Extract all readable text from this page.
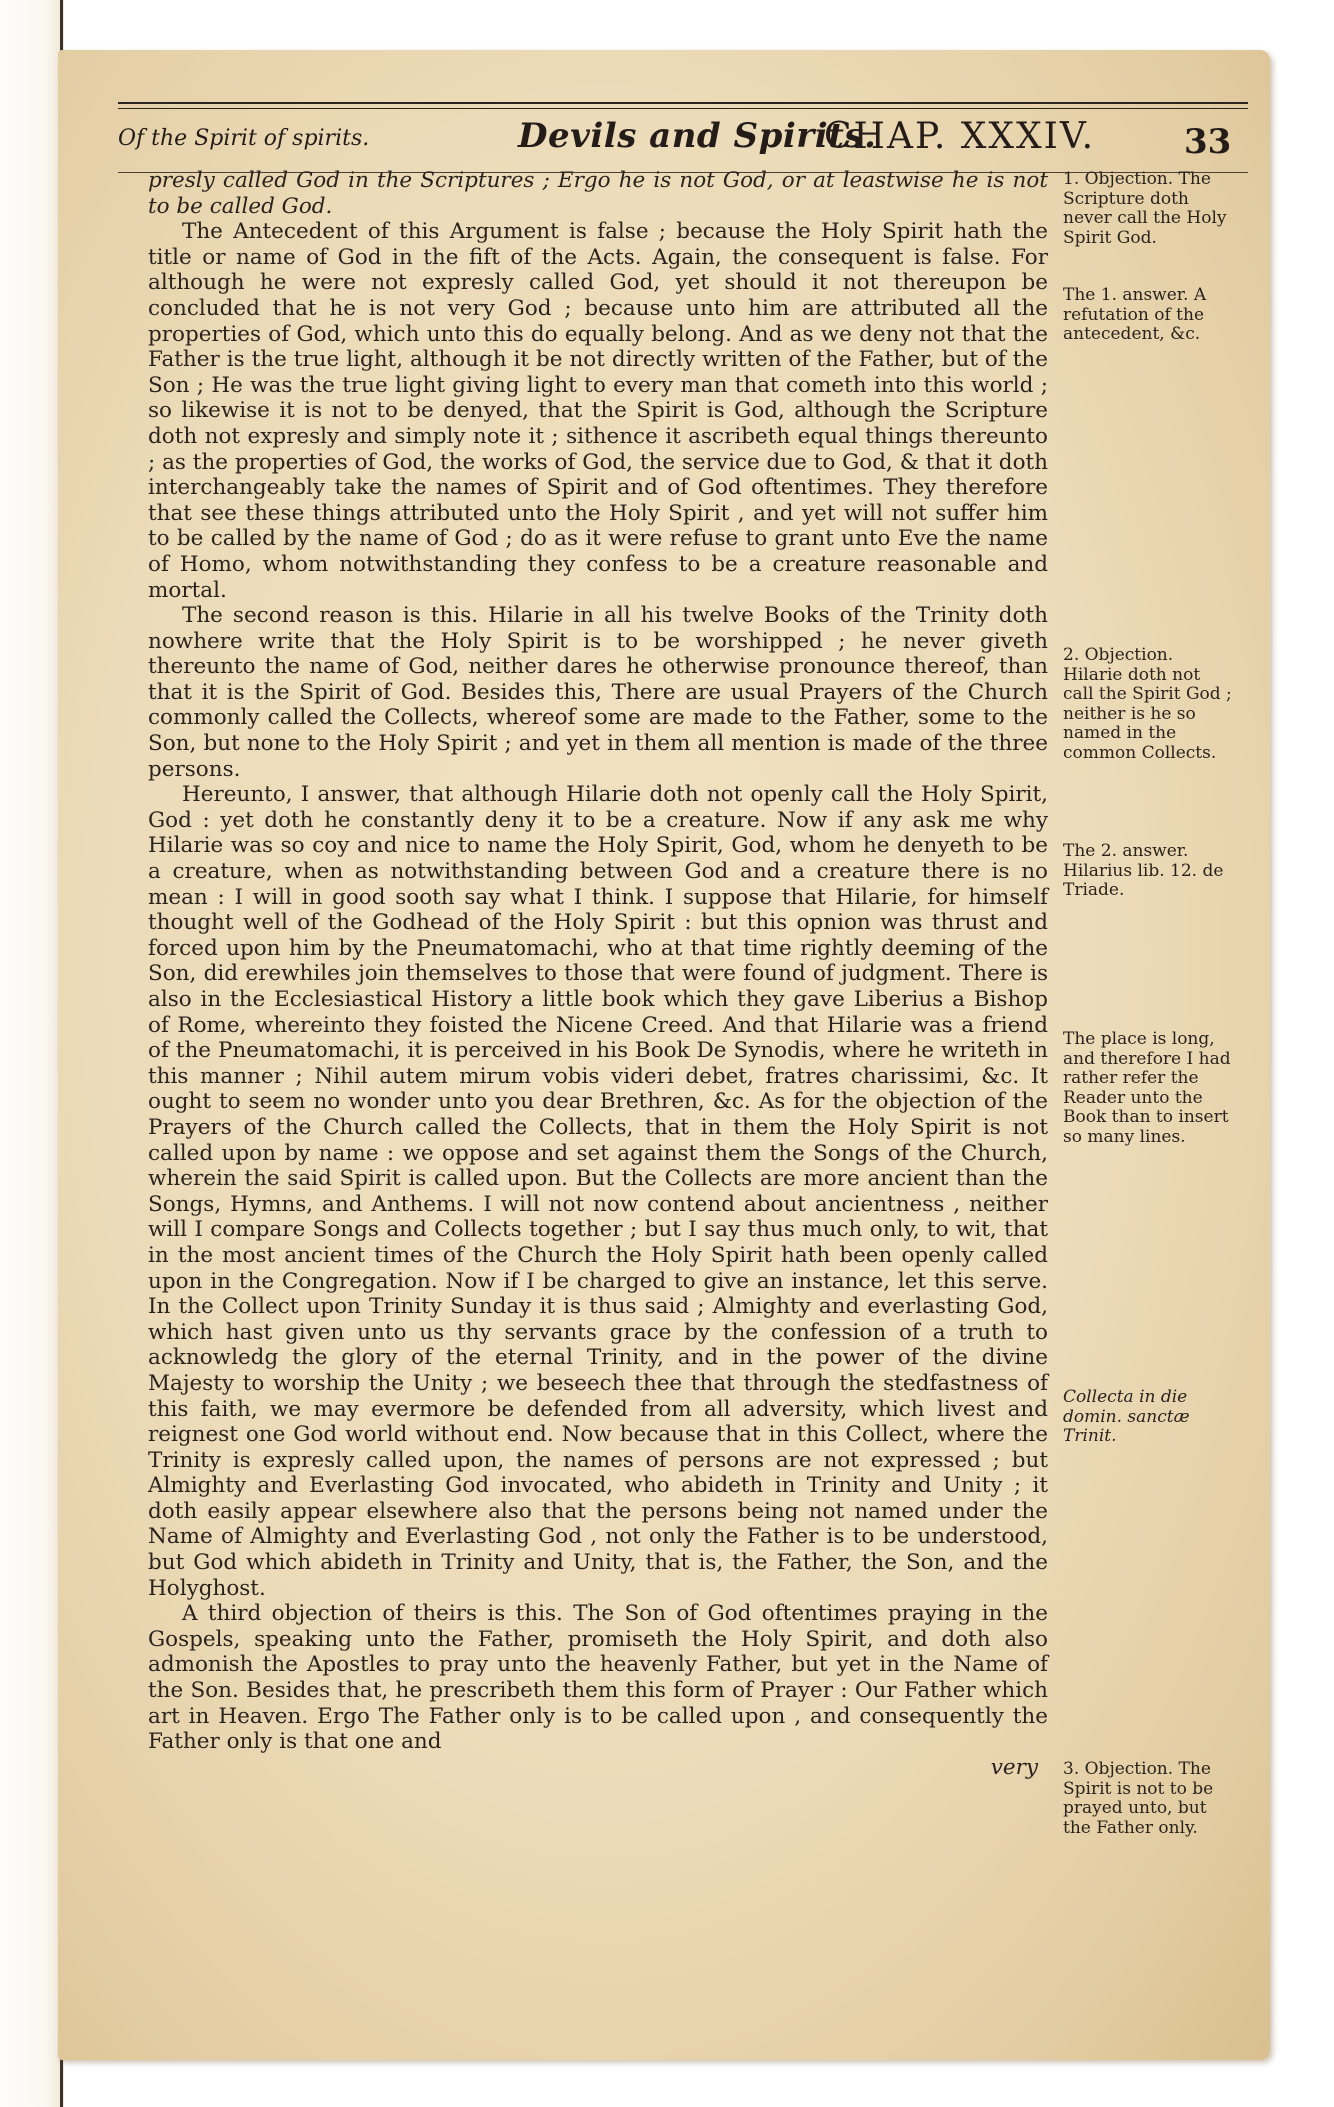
Of the Spirit of spirits.	Devils and Spirits.
CHAP. XXXIV.	33

presly called God in the Scriptures ; Ergo he is not God, or at leastwise he is not to be called God.

The Antecedent of this Argument is false ; because the Holy Spirit hath the title or name of God in the fift of the Acts. Again, the consequent is false. For although he were not expresly called God, yet should it not thereupon be concluded that he is not very God ; because unto him are attributed all the properties of God, which unto this do equally belong. And as we deny not that the Father is the true light, although it be not directly written of the Father, but of the Son ; He was the true light giving light to every man that cometh into this world ; so likewise it is not to be denyed, that the Spirit is God, although the Scripture doth not expresly and simply note it ; sithence it ascribeth equal things thereunto ; as the properties of God, the works of God, the service due to God, & that it doth interchangeably take the names of Spirit and of God oftentimes. They therefore that see these things attributed unto the Holy Spirit , and yet will not suffer him to be called by the name of God ; do as it were refuse to grant unto Eve the name of Homo, whom notwithstanding they confess to be a creature reasonable and mortal.

The second reason is this. Hilarie in all his twelve Books of the Trinity doth nowhere write that the Holy Spirit is to be worshipped ; he never giveth thereunto the name of God, neither dares he otherwise pronounce thereof, than that it is the Spirit of God. Besides this, There are usual Prayers of the Church commonly called the Collects, whereof some are made to the Father, some to the Son, but none to the Holy Spirit ; and yet in them all mention is made of the three persons.

Hereunto, I answer, that although Hilarie doth not openly call the Holy Spirit, God : yet doth he constantly deny it to be a creature. Now if any ask me why Hilarie was so coy and nice to name the Holy Spirit, God, whom he denyeth to be a creature, when as notwithstanding between God and a creature there is no mean : I will in good sooth say what I think. I suppose that Hilarie, for himself thought well of the Godhead of the Holy Spirit : but this opnion was thrust and forced upon him by the Pneumatomachi, who at that time rightly deeming of the Son, did erewhiles join themselves to those that were found of judgment. There is also in the Ecclesiastical History a little book which they gave Liberius a Bishop of Rome, whereinto they foisted the Nicene Creed. And that Hilarie was a friend of the Pneumatomachi, it is perceived in his Book De Synodis, where he writeth in this manner ; Nihil autem mirum vobis videri debet, fratres charissimi, &c. It ought to seem no wonder unto you dear Brethren, &c. As for the objection of the Prayers of the Church called the Collects, that in them the Holy Spirit is not called upon by name : we oppose and set against them the Songs of the Church, wherein the said Spirit is called upon. But the Collects are more ancient than the Songs, Hymns, and Anthems. I will not now contend about ancientness , neither will I compare Songs and Collects together ; but I say thus much only, to wit, that in the most ancient times of the Church the Holy Spirit hath been openly called upon in the Congregation. Now if I be charged to give an instance, let this serve. In the Collect upon Trinity Sunday it is thus said ; Almighty and everlasting God, which hast given unto us thy servants grace by the confession of a truth to acknowledg the glory of the eternal Trinity, and in the power of the divine Majesty to worship the Unity ; we beseech thee that through the stedfastness of this faith, we may evermore be defended from all adversity, which livest and reignest one God world without end. Now because that in this Collect, where the Trinity is expresly called upon, the names of persons are not expressed ; but Almighty and Everlasting God invocated, who abideth in Trinity and Unity ; it doth easily appear elsewhere also that the persons being not named under the Name of Almighty and Everlasting God , not only the Father is to be understood, but God which abideth in Trinity and Unity, that is, the Father, the Son, and the Holyghost.

A third objection of theirs is this. The Son of God oftentimes praying in the Gospels, speaking unto the Father, promiseth the Holy Spirit, and doth also admonish the Apostles to pray unto the heavenly Father, but yet in the Name of the Son. Besides that, he prescribeth them this form of Prayer : Our Father which art in Heaven. Ergo The Father only is to be called upon , and consequently the Father only is that one and

very

1. Objection. The Scripture doth never call the Holy Spirit God.
The 1. answer. A refutation of the antecedent, &c.
2. Objection. Hilarie doth not call the Spirit God ; neither is he so named in the common Collects.
The 2. answer. Hilarius lib. 12. de Triade.
The place is long, and therefore I had rather refer the Reader unto the Book than to insert so many lines.
Collecta in die domin. sanctæ Trinit.
3. Objection. The Spirit is not to be prayed unto, but the Father only.
